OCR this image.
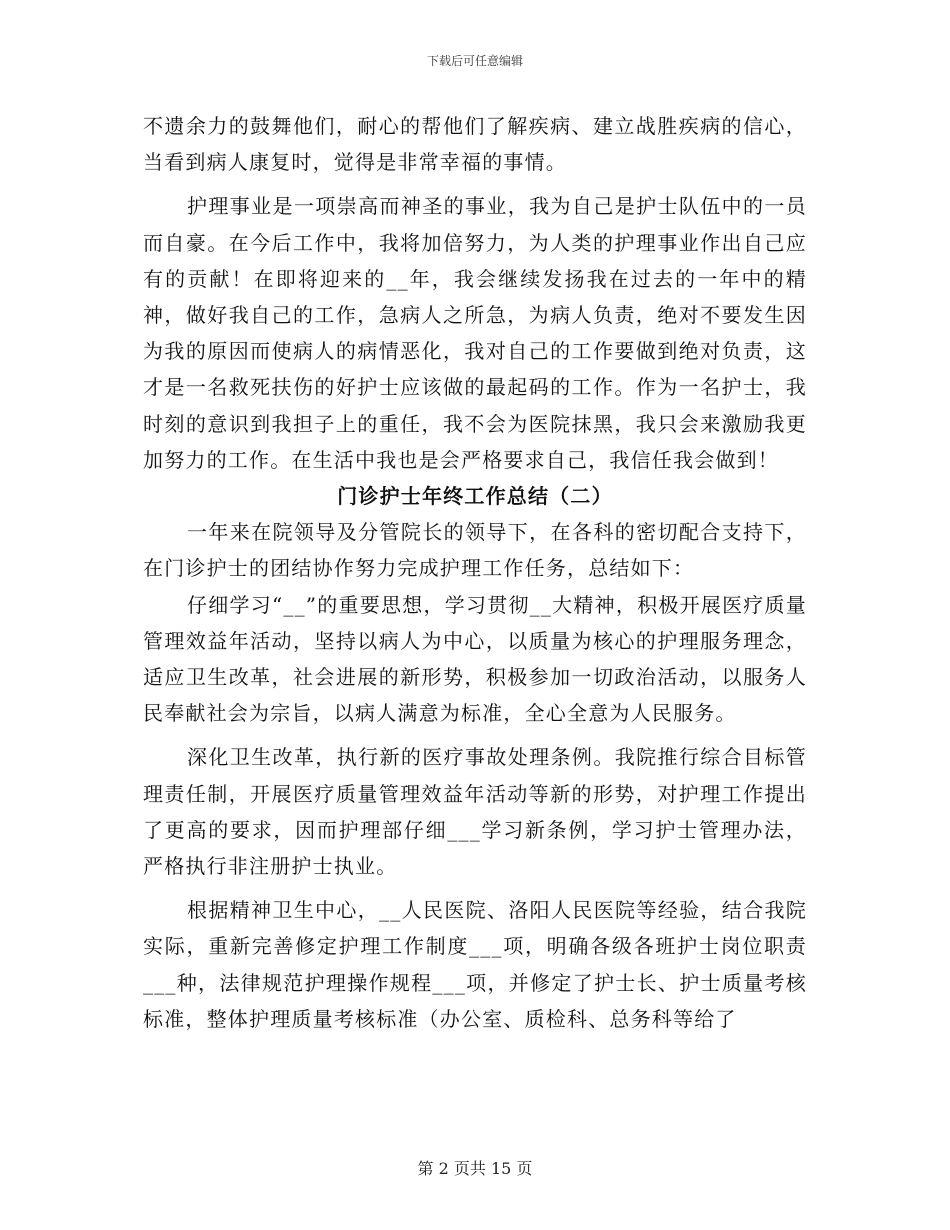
下载后可任意编辑

不遗余力的鼓舞他们，耐心的帮他们了解疾病、建立战胜疾病的信心，当看到病人康复时，觉得是非常幸福的事情。

护理事业是一项崇高而神圣的事业，我为自己是护士队伍中的一员而自豪。在今后工作中，我将加倍努力，为人类的护理事业作出自己应有的贡献！在即将迎来的__年，我会继续发扬我在过去的一年中的精神，做好我自己的工作，急病人之所急，为病人负责，绝对不要发生因为我的原因而使病人的病情恶化，我对自己的工作要做到绝对负责，这才是一名救死扶伤的好护士应该做的最起码的工作。作为一名护士，我时刻的意识到我担子上的重任，我不会为医院抹黑，我只会来激励我更加努力的工作。在生活中我也是会严格要求自己，我信任我会做到！

门诊护士年终工作总结（二）

一年来在院领导及分管院长的领导下，在各科的密切配合支持下，在门诊护士的团结协作努力完成护理工作任务，总结如下：

仔细学习“__”的重要思想，学习贯彻__大精神，积极开展医疗质量管理效益年活动，坚持以病人为中心，以质量为核心的护理服务理念，适应卫生改革，社会进展的新形势，积极参加一切政治活动，以服务人民奉献社会为宗旨，以病人满意为标准，全心全意为人民服务。

深化卫生改革，执行新的医疗事故处理条例。我院推行综合目标管理责任制，开展医疗质量管理效益年活动等新的形势，对护理工作提出了更高的要求，因而护理部仔细___学习新条例，学习护士管理办法，严格执行非注册护士执业。

根据精神卫生中心，__人民医院、洛阳人民医院等经验，结合我院实际，重新完善修定护理工作制度___项，明确各级各班护士岗位职责___种，法律规范护理操作规程___项，并修定了护士长、护士质量考核标准，整体护理质量考核标准（办公室、质检科、总务科等给了

第 2 页共 15 页
